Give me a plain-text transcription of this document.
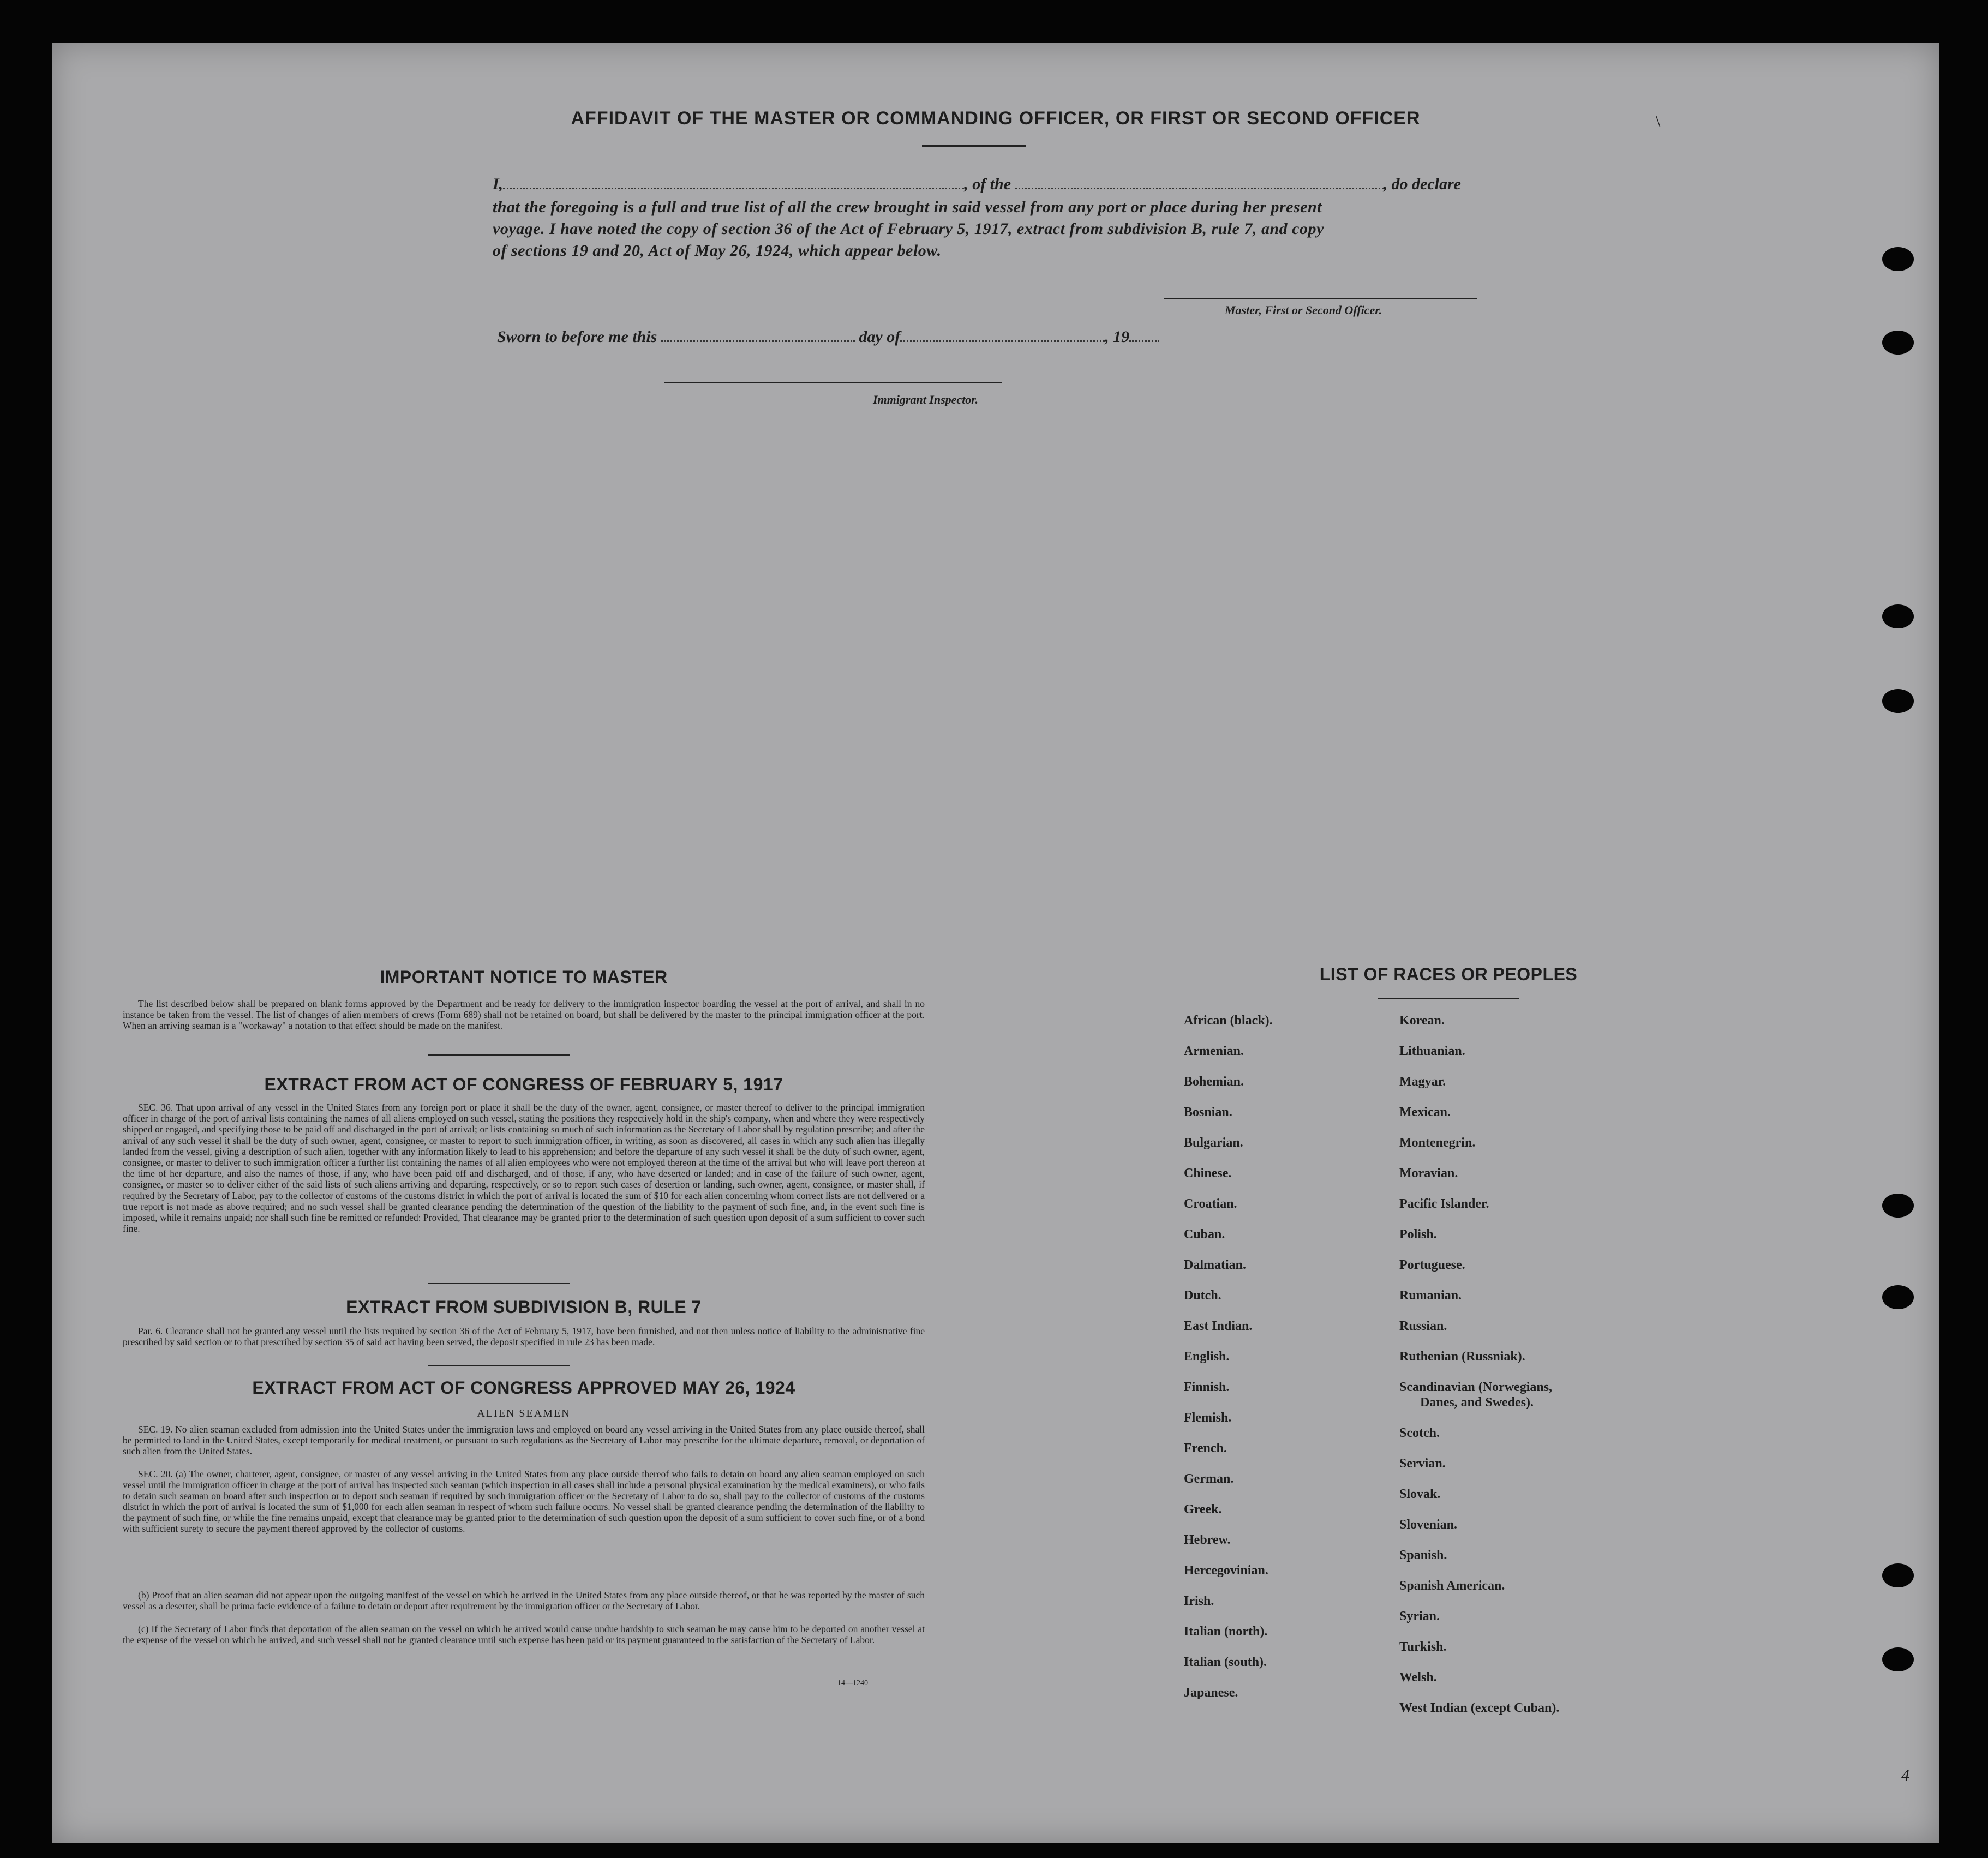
\
4
AFFIDAVIT OF THE MASTER OR COMMANDING OFFICER, OR FIRST OR SECOND OFFICER
I,	, of the	, do declare
that the foregoing is a full and true list of all the crew brought in said vessel from any port or place during her present
voyage. I have noted the copy of section 36 of the Act of February 5, 1917, extract from subdivision B, rule 7, and copy
of sections 19 and 20, Act of May 26, 1924, which appear below.
Master, First or Second Officer.
Sworn to before me this	day of	, 19
Immigrant Inspector.
IMPORTANT NOTICE TO MASTER
The list described below shall be prepared on blank forms approved by the Department and be ready for delivery to the immigration inspector boarding the vessel at the port of arrival, and shall in no instance be taken from the vessel. The list of changes of alien members of crews (Form 689) shall not be retained on board, but shall be delivered by the master to the principal immigration officer at the port. When an arriving seaman is a "workaway" a notation to that effect should be made on the manifest.
EXTRACT FROM ACT OF CONGRESS OF FEBRUARY 5, 1917
SEC. 36. That upon arrival of any vessel in the United States from any foreign port or place it shall be the duty of the owner, agent, consignee, or master thereof to deliver to the principal immigration officer in charge of the port of arrival lists containing the names of all aliens employed on such vessel, stating the positions they respectively hold in the ship's company, when and where they were respectively shipped or engaged, and specifying those to be paid off and discharged in the port of arrival; or lists containing so much of such information as the Secretary of Labor shall by regulation prescribe; and after the arrival of any such vessel it shall be the duty of such owner, agent, consignee, or master to report to such immigration officer, in writing, as soon as discovered, all cases in which any such alien has illegally landed from the vessel, giving a description of such alien, together with any information likely to lead to his apprehension; and before the departure of any such vessel it shall be the duty of such owner, agent, consignee, or master to deliver to such immigration officer a further list containing the names of all alien employees who were not employed thereon at the time of the arrival but who will leave port thereon at the time of her departure, and also the names of those, if any, who have been paid off and discharged, and of those, if any, who have deserted or landed; and in case of the failure of such owner, agent, consignee, or master so to deliver either of the said lists of such aliens arriving and departing, respectively, or so to report such cases of desertion or landing, such owner, agent, consignee, or master shall, if required by the Secretary of Labor, pay to the collector of customs of the customs district in which the port of arrival is located the sum of $10 for each alien concerning whom correct lists are not delivered or a true report is not made as above required; and no such vessel shall be granted clearance pending the determination of the question of the liability to the payment of such fine, and, in the event such fine is imposed, while it remains unpaid; nor shall such fine be remitted or refunded: Provided, That clearance may be granted prior to the determination of such question upon deposit of a sum sufficient to cover such fine.
EXTRACT FROM SUBDIVISION B, RULE 7
Par. 6. Clearance shall not be granted any vessel until the lists required by section 36 of the Act of February 5, 1917, have been furnished, and not then unless notice of liability to the administrative fine prescribed by said section or to that prescribed by section 35 of said act having been served, the deposit specified in rule 23 has been made.
EXTRACT FROM ACT OF CONGRESS APPROVED MAY 26, 1924
ALIEN SEAMEN
SEC. 19. No alien seaman excluded from admission into the United States under the immigration laws and employed on board any vessel arriving in the United States from any place outside thereof, shall be permitted to land in the United States, except temporarily for medical treatment, or pursuant to such regulations as the Secretary of Labor may prescribe for the ultimate departure, removal, or deportation of such alien from the United States.
SEC. 20. (a) The owner, charterer, agent, consignee, or master of any vessel arriving in the United States from any place outside thereof who fails to detain on board any alien seaman employed on such vessel until the immigration officer in charge at the port of arrival has inspected such seaman (which inspection in all cases shall include a personal physical examination by the medical examiners), or who fails to detain such seaman on board after such inspection or to deport such seaman if required by such immigration officer or the Secretary of Labor to do so, shall pay to the collector of customs of the customs district in which the port of arrival is located the sum of $1,000 for each alien seaman in respect of whom such failure occurs. No vessel shall be granted clearance pending the determination of the liability to the payment of such fine, or while the fine remains unpaid, except that clearance may be granted prior to the determination of such question upon the deposit of a sum sufficient to cover such fine, or of a bond with sufficient surety to secure the payment thereof approved by the collector of customs.
(b) Proof that an alien seaman did not appear upon the outgoing manifest of the vessel on which he arrived in the United States from any place outside thereof, or that he was reported by the master of such vessel as a deserter, shall be prima facie evidence of a failure to detain or deport after requirement by the immigration officer or the Secretary of Labor.
(c) If the Secretary of Labor finds that deportation of the alien seaman on the vessel on which he arrived would cause undue hardship to such seaman he may cause him to be deported on another vessel at the expense of the vessel on which he arrived, and such vessel shall not be granted clearance until such expense has been paid or its payment guaranteed to the satisfaction of the Secretary of Labor.
14—1240
LIST OF RACES OR PEOPLES
African (black).
Armenian.
Bohemian.
Bosnian.
Bulgarian.
Chinese.
Croatian.
Cuban.
Dalmatian.
Dutch.
East Indian.
English.
Finnish.
Flemish.
French.
German.
Greek.
Hebrew.
Hercegovinian.
Irish.
Italian (north).
Italian (south).
Japanese.
Korean.
Lithuanian.
Magyar.
Mexican.
Montenegrin.
Moravian.
Pacific Islander.
Polish.
Portuguese.
Rumanian.
Russian.
Ruthenian (Russniak).
Scandinavian (Norwegians,
Danes, and Swedes).
Scotch.
Servian.
Slovak.
Slovenian.
Spanish.
Spanish American.
Syrian.
Turkish.
Welsh.
West Indian (except Cuban).
